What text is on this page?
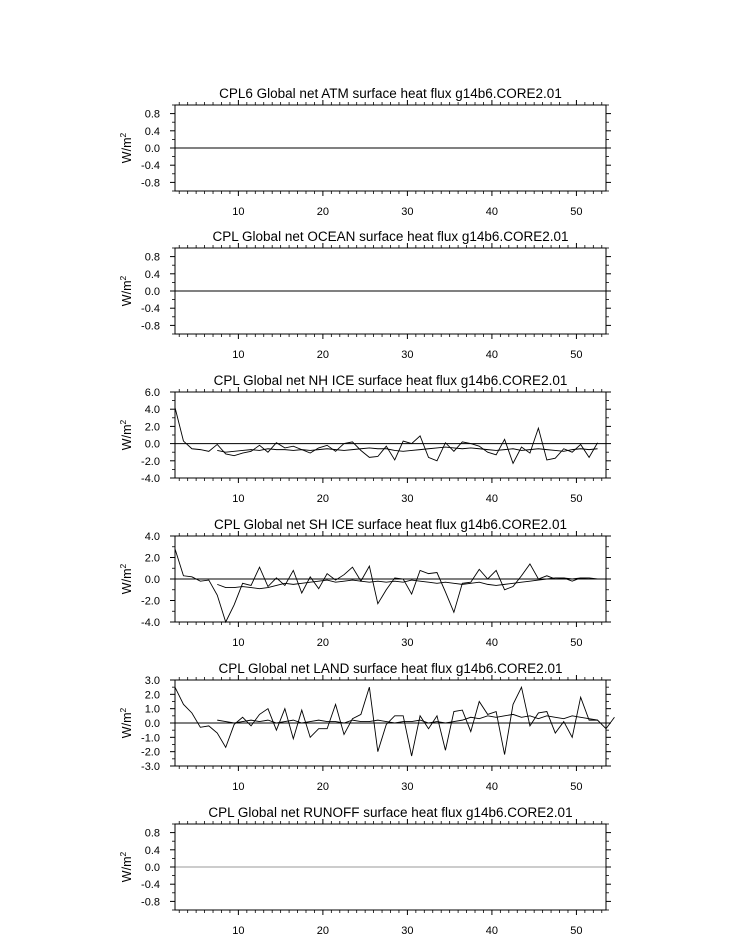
CPL6 Global net ATM surface heat flux g14b6.CORE2.01
$W/m^2$
0.8
0.4
0.0
-0.4
-0.8
10	20	30	40	50
CPL Global net OCEAN surface heat flux g14b6.CORE2.01
$W/m^2$
0.8
0.4
0.0
-0.4
-0.8
10	20	30	40	50
CPL Global net NH ICE surface heat flux g14b6.CORE2.01
$W/m^2$
6.0
4.0
2.0
0.0
-2.0
-4.0
10	20	30	40	50
CPL Global net SH ICE surface heat flux g14b6.CORE2.01
$W/m^2$
4.0
2.0
0.0
-2.0
-4.0
10	20	30	40	50
CPL Global net LAND surface heat flux g14b6.CORE2.01
$W/m^2$
3.0
2.0
1.0
0.0
-1.0
-2.0
-3.0
10	20	30	40	50
CPL Global net RUNOFF surface heat flux g14b6.CORE2.01
$W/m^2$
0.8
0.4
0.0
-0.4
-0.8
10	20	30	40	50
